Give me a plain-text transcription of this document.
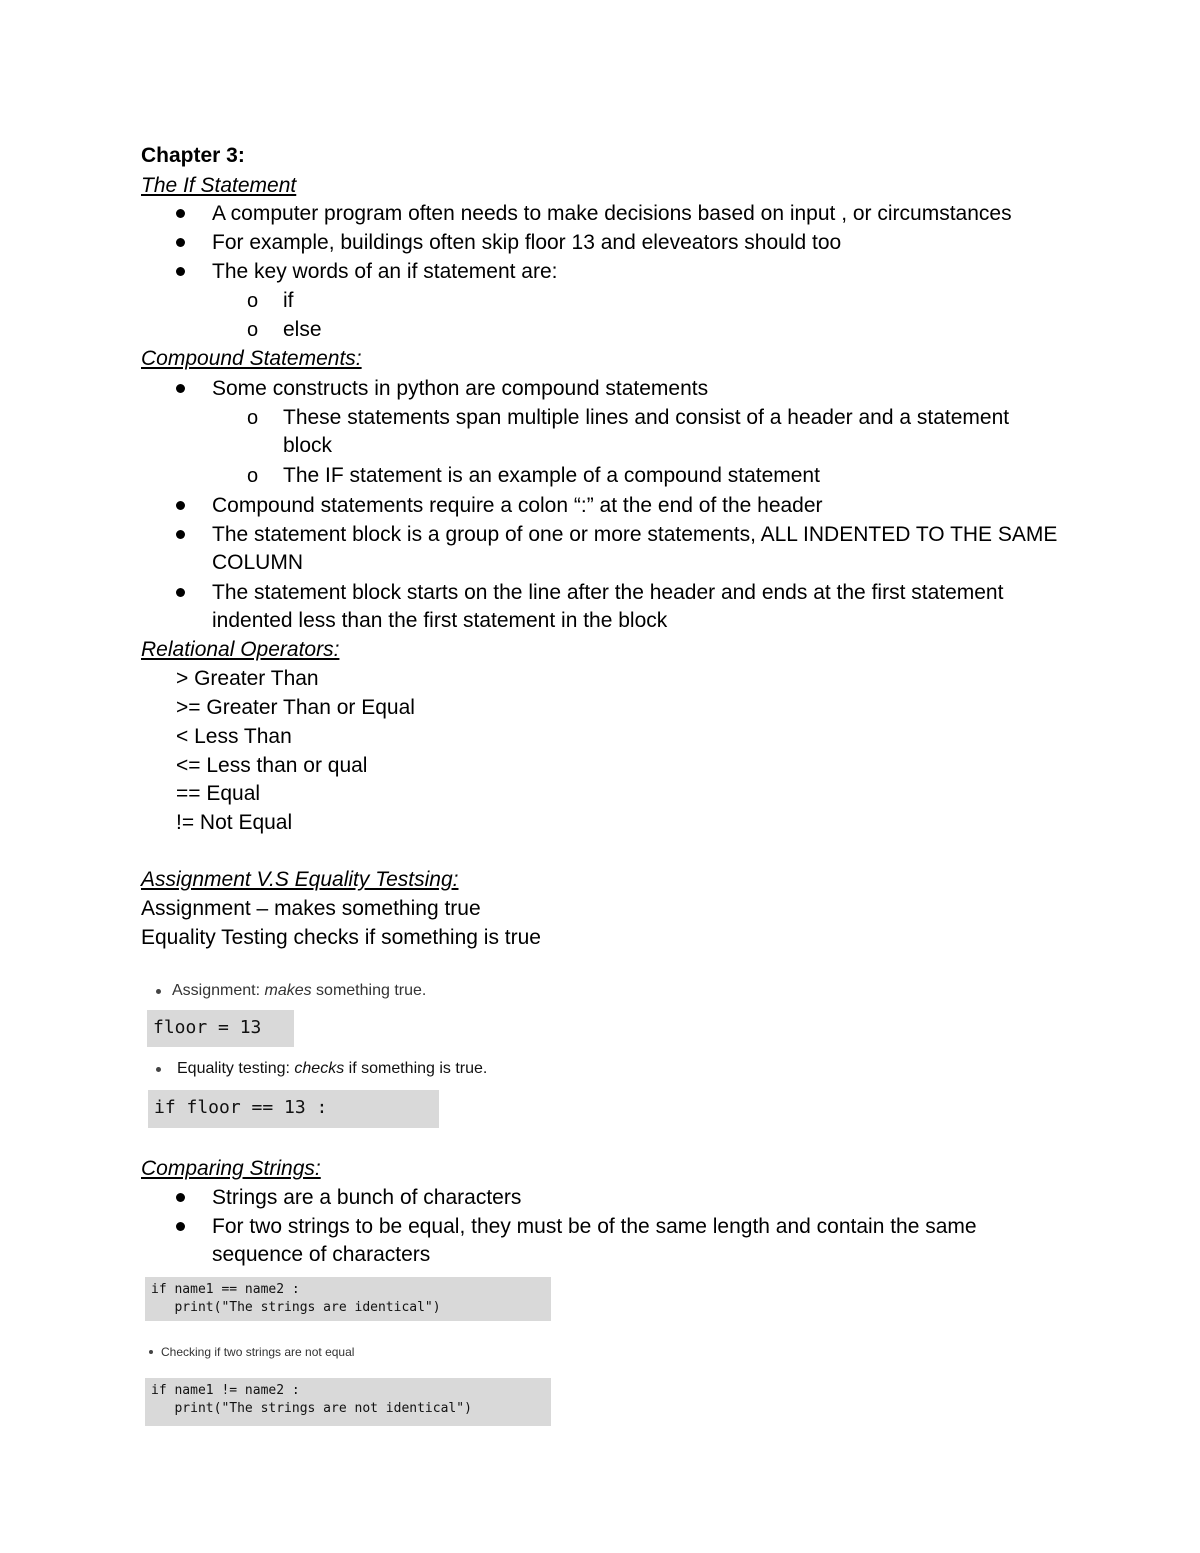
Chapter 3:
The If Statement
A computer program often needs to make decisions based on input , or circumstances
For example, buildings often skip floor 13 and eleveators should too
The key words of an if statement are:
o if
o else
Compound Statements:
Some constructs in python are compound statements
o These statements span multiple lines and consist of a header and a statement block
o The IF statement is an example of a compound statement
Compound statements require a colon “:” at the end of the header
The statement block is a group of one or more statements, ALL INDENTED TO THE SAME COLUMN
The statement block starts on the line after the header and ends at the first statement indented less than the first statement in the block
Relational Operators:
> Greater Than
>= Greater Than or Equal
< Less Than
<= Less than or qual
== Equal
!= Not Equal
Assignment V.S Equality Testsing:
Assignment – makes something true
Equality Testing checks if something is true
Assignment: makes something true.
floor = 13
Equality testing: checks if something is true.
if floor == 13 :
Comparing Strings:
Strings are a bunch of characters
For two strings to be equal, they must be of the same length and contain the same sequence of characters
if name1 == name2 :
print("The strings are identical")
Checking if two strings are not equal
if name1 != name2 :
print("The strings are not identical")
